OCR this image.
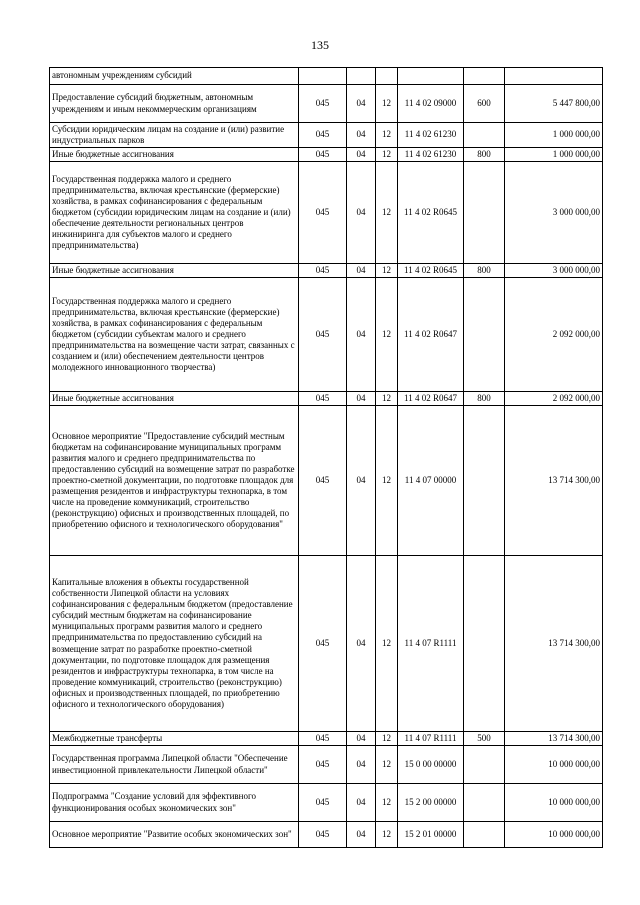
135
автономным учреждениям субсидий						
Предоставление субсидий бюджетным, автономным учреждениям и иным некоммерческим организациям	045	04	12	11 4 02 09000	600	5 447 800,00
Субсидии юридическим лицам на создание и (или) развитие индустриальных парков	045	04	12	11 4 02 61230		1 000 000,00
Иные бюджетные ассигнования	045	04	12	11 4 02 61230	800	1 000 000,00
Государственная поддержка малого и среднего предпринимательства, включая крестьянские (фермерские) хозяйства, в рамках софинансирования с федеральным бюджетом (субсидии юридическим лицам на создание и (или) обеспечение деятельности региональных центров инжиниринга для субъектов малого и среднего предпринимательства)	045	04	12	11 4 02 R0645		3 000 000,00
Иные бюджетные ассигнования	045	04	12	11 4 02 R0645	800	3 000 000,00
Государственная поддержка малого и среднего предпринимательства, включая крестьянские (фермерские) хозяйства, в рамках софинансирования с федеральным бюджетом (субсидии субъектам малого и среднего предпринимательства на возмещение части затрат, связанных с созданием и (или) обеспечением деятельности центров молодежного инновационного творчества)	045	04	12	11 4 02 R0647		2 092 000,00
Иные бюджетные ассигнования	045	04	12	11 4 02 R0647	800	2 092 000,00
Основное мероприятие "Предоставление субсидий местным бюджетам на софинансирование муниципальных программ развития малого и среднего предпринимательства по предоставлению субсидий на возмещение затрат по разработке проектно-сметной документации, по подготовке площадок для размещения резидентов и инфраструктуры технопарка, в том числе на проведение коммуникаций, строительство (реконструкцию) офисных и производственных площадей, по приобретению офисного и технологического оборудования"	045	04	12	11 4 07 00000		13 714 300,00
Капитальные вложения в объекты государственной собственности Липецкой области на условиях софинансирования с федеральным бюджетом (предоставление субсидий местным бюджетам на софинансирование муниципальных программ развития малого и среднего предпринимательства по предоставлению субсидий на возмещение затрат по разработке проектно-сметной документации, по подготовке площадок для размещения резидентов и инфраструктуры технопарка, в том числе на проведение коммуникаций, строительство (реконструкцию) офисных и производственных площадей, по приобретению офисного и технологического оборудования)	045	04	12	11 4 07 R1111		13 714 300,00
Межбюджетные трансферты	045	04	12	11 4 07 R1111	500	13 714 300,00
Государственная программа Липецкой области "Обеспечение инвестиционной привлекательности Липецкой области"	045	04	12	15 0 00 00000		10 000 000,00
Подпрограмма "Создание условий для эффективного функционирования особых экономических зон"	045	04	12	15 2 00 00000		10 000 000,00
Основное мероприятие "Развитие особых экономических зон"	045	04	12	15 2 01 00000		10 000 000,00
